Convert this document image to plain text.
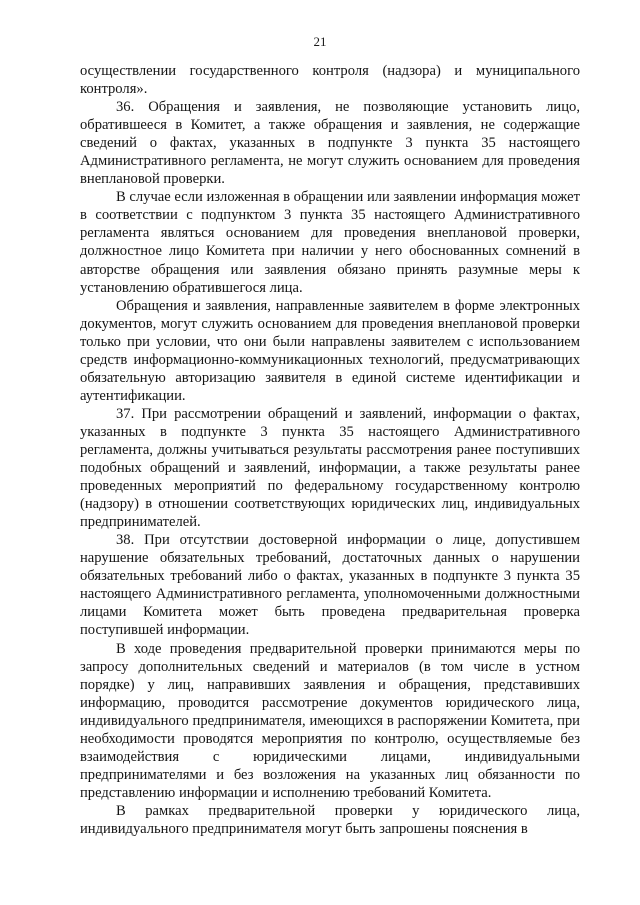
21

осуществлении государственного контроля (надзора) и муниципального контроля».

36. Обращения и заявления, не позволяющие установить лицо, обратившееся в Комитет, а также обращения и заявления, не содержащие сведений о фактах, указанных в подпункте 3 пункта 35 настоящего Административного регламента, не могут служить основанием для проведения внеплановой проверки.

В случае если изложенная в обращении или заявлении информация может в соответствии с подпунктом 3 пункта 35 настоящего Административного регламента являться основанием для проведения внеплановой проверки, должностное лицо Комитета при наличии у него обоснованных сомнений в авторстве обращения или заявления обязано принять разумные меры к установлению обратившегося лица.

Обращения и заявления, направленные заявителем в форме электронных документов, могут служить основанием для проведения внеплановой проверки только при условии, что они были направлены заявителем с использованием средств информационно-коммуникационных технологий, предусматривающих обязательную авторизацию заявителя в единой системе идентификации и аутентификации.

37. При рассмотрении обращений и заявлений, информации о фактах, указанных в подпункте 3 пункта 35 настоящего Административного регламента, должны учитываться результаты рассмотрения ранее поступивших подобных обращений и заявлений, информации, а также результаты ранее проведенных мероприятий по федеральному государственному контролю (надзору) в отношении соответствующих юридических лиц, индивидуальных предпринимателей.

38. При отсутствии достоверной информации о лице, допустившем нарушение обязательных требований, достаточных данных о нарушении обязательных требований либо о фактах, указанных в подпункте 3 пункта 35 настоящего Административного регламента, уполномоченными должностными лицами Комитета может быть проведена предварительная проверка поступившей информации.

В ходе проведения предварительной проверки принимаются меры по запросу дополнительных сведений и материалов (в том числе в устном порядке) у лиц, направивших заявления и обращения, представивших информацию, проводится рассмотрение документов юридического лица, индивидуального предпринимателя, имеющихся в распоряжении Комитета, при необходимости проводятся мероприятия по контролю, осуществляемые без взаимодействия с юридическими лицами, индивидуальными предпринимателями и без возложения на указанных лиц обязанности по представлению информации и исполнению требований Комитета.

В рамках предварительной проверки у юридического лица, индивидуального предпринимателя могут быть запрошены пояснения в
